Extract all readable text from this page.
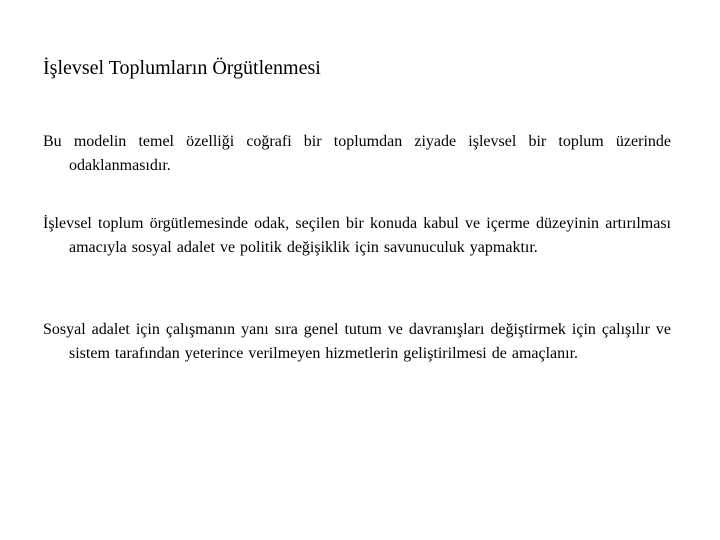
İşlevsel Toplumların Örgütlenmesi
Bu modelin temel özelliği coğrafi bir toplumdan ziyade işlevsel bir toplum üzerinde odaklanmasıdır.
İşlevsel toplum örgütlemesinde odak, seçilen bir konuda kabul ve içerme düzeyinin artırılması amacıyla sosyal adalet ve politik değişiklik için savunuculuk yapmaktır.
Sosyal adalet için çalışmanın yanı sıra genel tutum ve davranışları değiştirmek için çalışılır ve sistem tarafından yeterince verilmeyen hizmetlerin geliştirilmesi de amaçlanır.
